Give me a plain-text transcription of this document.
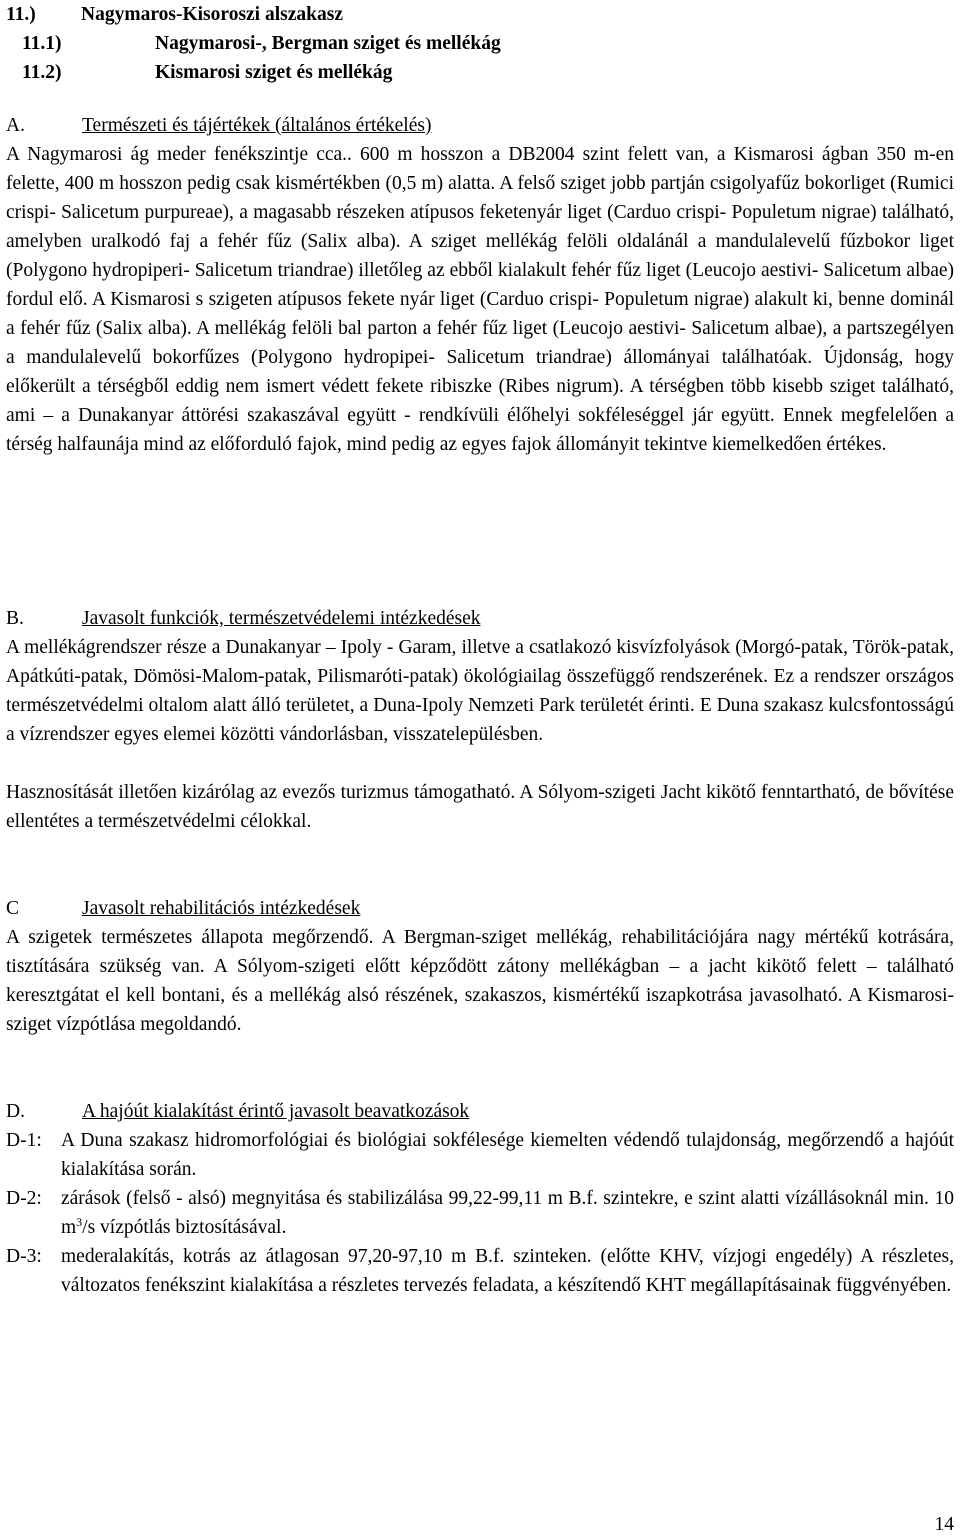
11.) Nagymaros-Kisoroszi alszakasz
11.1)	Nagymarosi-, Bergman sziget és mellékág
11.2)	Kismarosi sziget és mellékág
A.	Természeti és tájértékek (általános értékelés)

A Nagymarosi ág meder fenékszintje cca.. 600 m hosszon a DB2004 szint felett van, a Kismarosi ágban 350 m-en felette, 400 m hosszon pedig csak kismértékben (0,5 m) alatta. A felső sziget jobb partján csigolyafűz bokorliget (Rumici crispi- Salicetum purpureae), a magasabb részeken atípusos feketenyár liget (Carduo crispi- Populetum nigrae) található, amelyben uralkodó faj a fehér fűz (Salix alba). A sziget mellékág felöli oldalánál a mandulalevelű fűzbokor liget (Polygono hydropiperi- Salicetum triandrae) illetőleg az ebből kialakult fehér fűz liget (Leucojo aestivi- Salicetum albae) fordul elő. A Kismarosi s szigeten atípusos fekete nyár liget (Carduo crispi- Populetum nigrae) alakult ki, benne dominál a fehér fűz (Salix alba). A mellékág felöli bal parton a fehér fűz liget (Leucojo aestivi- Salicetum albae), a partszegélyen a mandulalevelű bokorfűzes (Polygono hydropipei- Salicetum triandrae) állományai találhatóak. Újdonság, hogy előkerült a térségből eddig nem ismert védett fekete ribiszke (Ribes nigrum). A térségben több kisebb sziget található, ami – a Dunakanyar áttörési szakaszával együtt - rendkívüli élőhelyi sokféleséggel jár együtt. Ennek megfelelően a térség halfaunája mind az előforduló fajok, mind pedig az egyes fajok állományit tekintve kiemelkedően értékes.

B.	Javasolt funkciók, természetvédelemi intézkedések

A mellékágrendszer része a Dunakanyar – Ipoly - Garam, illetve a csatlakozó kisvízfolyások (Morgó-patak, Török-patak, Apátkúti-patak, Dömösi-Malom-patak, Pilismaróti-patak) ökológiailag összefüggő rendszerének. Ez a rendszer országos természetvédelmi oltalom alatt álló területet, a Duna-Ipoly Nemzeti Park területét érinti. E Duna szakasz kulcsfontosságú a vízrendszer egyes elemei közötti vándorlásban, visszatelepülésben.

Hasznosítását illetően kizárólag az evezős turizmus támogatható. A Sólyom-szigeti Jacht kikötő fenntartható, de bővítése ellentétes a természetvédelmi célokkal.

C	Javasolt rehabilitációs intézkedések

A szigetek természetes állapota megőrzendő. A Bergman-sziget mellékág, rehabilitációjára nagy mértékű kotrására, tisztítására szükség van. A Sólyom-szigeti előtt képződött zátony mellékágban – a jacht kikötő felett – található keresztgátat el kell bontani, és a mellékág alsó részének, szakaszos, kismértékű iszapkotrása javasolható. A Kismarosi-sziget vízpótlása megoldandó.

D.	A hajóút kialakítást érintő javasolt beavatkozások
D-1: A Duna szakasz hidromorfológiai és biológiai sokfélesége kiemelten védendő tulajdonság, megőrzendő a hajóút kialakítása során.
D-2: zárások (felső - alsó) megnyitása és stabilizálása 99,22-99,11 m B.f. szintekre, e szint alatti vízállásoknál min. 10 $m^3/s$ vízpótlás biztosításával.
D-3: mederalakítás, kotrás az átlagosan 97,20-97,10 m B.f. szinteken. (előtte KHV, vízjogi engedély) A részletes, változatos fenékszint kialakítása a részletes tervezés feladata, a készítendő KHT megállapításainak függvényében.
14
